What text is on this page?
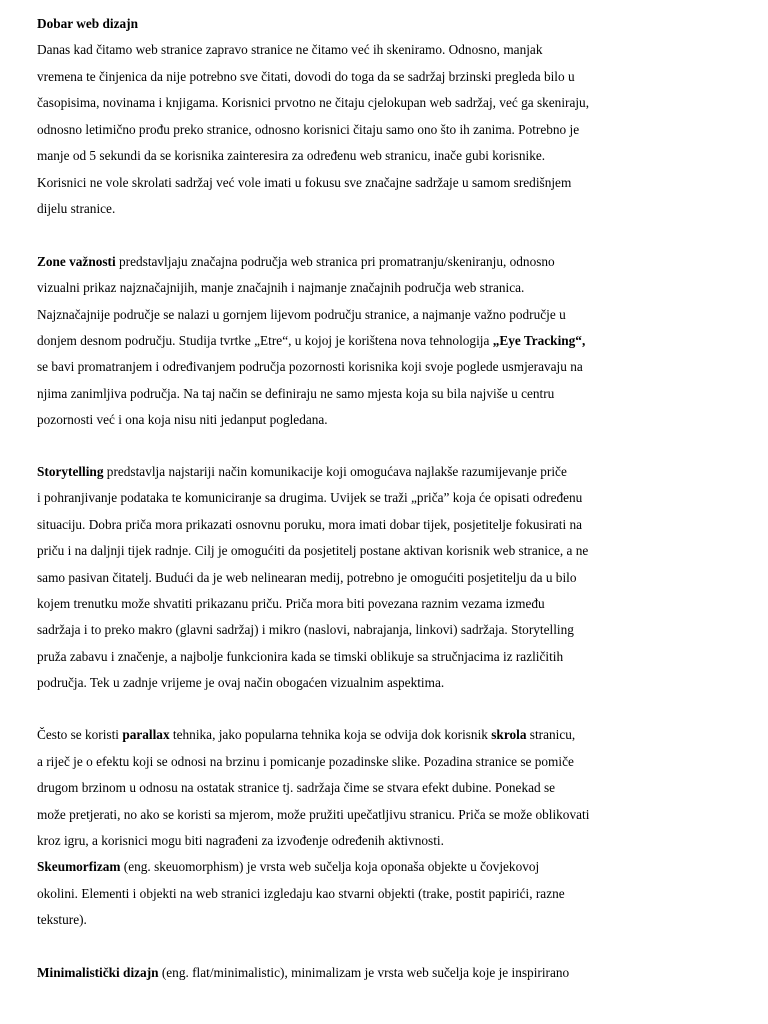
Dobar web dizajn
Danas kad čitamo web stranice zapravo stranice ne čitamo već ih skeniramo. Odnosno, manjak
vremena te činjenica da nije potrebno sve čitati, dovodi do toga da se sadržaj brzinski pregleda bilo u
časopisima, novinama i knjigama. Korisnici prvotno ne čitaju cjelokupan web sadržaj, već ga skeniraju,
odnosno letimično prođu preko stranice, odnosno korisnici čitaju samo ono što ih zanima. Potrebno je
manje od 5 sekundi da se korisnika zainteresira za određenu web stranicu, inače gubi korisnike.
Korisnici ne vole skrolati sadržaj već vole imati u fokusu sve značajne sadržaje u samom središnjem
dijelu stranice.
Zone važnosti predstavljaju značajna područja web stranica pri promatranju/skeniranju, odnosno
vizualni prikaz najznačajnijih, manje značajnih i najmanje značajnih područja web stranica.
Najznačajnije područje se nalazi u gornjem lijevom području stranice, a najmanje važno područje u
donjem desnom području. Studija tvrtke „Etre“, u kojoj je korištena nova tehnologija „Eye Tracking“,
se bavi promatranjem i određivanjem područja pozornosti korisnika koji svoje poglede usmjeravaju na
njima zanimljiva područja. Na taj način se definiraju ne samo mjesta koja su bila najviše u centru
pozornosti već i ona koja nisu niti jedanput pogledana.
Storytelling predstavlja najstariji način komunikacije koji omogućava najlakše razumijevanje priče
i pohranjivanje podataka te komuniciranje sa drugima. Uvijek se traži „priča” koja će opisati određenu
situaciju. Dobra priča mora prikazati osnovnu poruku, mora imati dobar tijek, posjetitelje fokusirati na
priču i na daljnji tijek radnje. Cilj je omogućiti da posjetitelj postane aktivan korisnik web stranice, a ne
samo pasivan čitatelj. Budući da je web nelinearan medij, potrebno je omogućiti posjetitelju da u bilo
kojem trenutku može shvatiti prikazanu priču. Priča mora biti povezana raznim vezama između
sadržaja i to preko makro (glavni sadržaj) i mikro (naslovi, nabrajanja, linkovi) sadržaja. Storytelling
pruža zabavu i značenje, a najbolje funkcionira kada se timski oblikuje sa stručnjacima iz različitih
područja. Tek u zadnje vrijeme je ovaj način obogaćen vizualnim aspektima.
Često se koristi parallax tehnika, jako popularna tehnika koja se odvija dok korisnik skrola stranicu,
a riječ je o efektu koji se odnosi na brzinu i pomicanje pozadinske slike. Pozadina stranice se pomiče
drugom brzinom u odnosu na ostatak stranice tj. sadržaja čime se stvara efekt dubine. Ponekad se
može pretjerati, no ako se koristi sa mjerom, može pružiti upečatljivu stranicu. Priča se može oblikovati
kroz igru, a korisnici mogu biti nagrađeni za izvođenje određenih aktivnosti.
Skeumorfizam (eng. skeuomorphism) je vrsta web sučelja koja oponaša objekte u čovjekovoj
okolini. Elementi i objekti na web stranici izgledaju kao stvarni objekti (trake, postit papirići, razne
teksture).
Minimalistički dizajn (eng. flat/minimalistic), minimalizam je vrsta web sučelja koje je inspirirano
